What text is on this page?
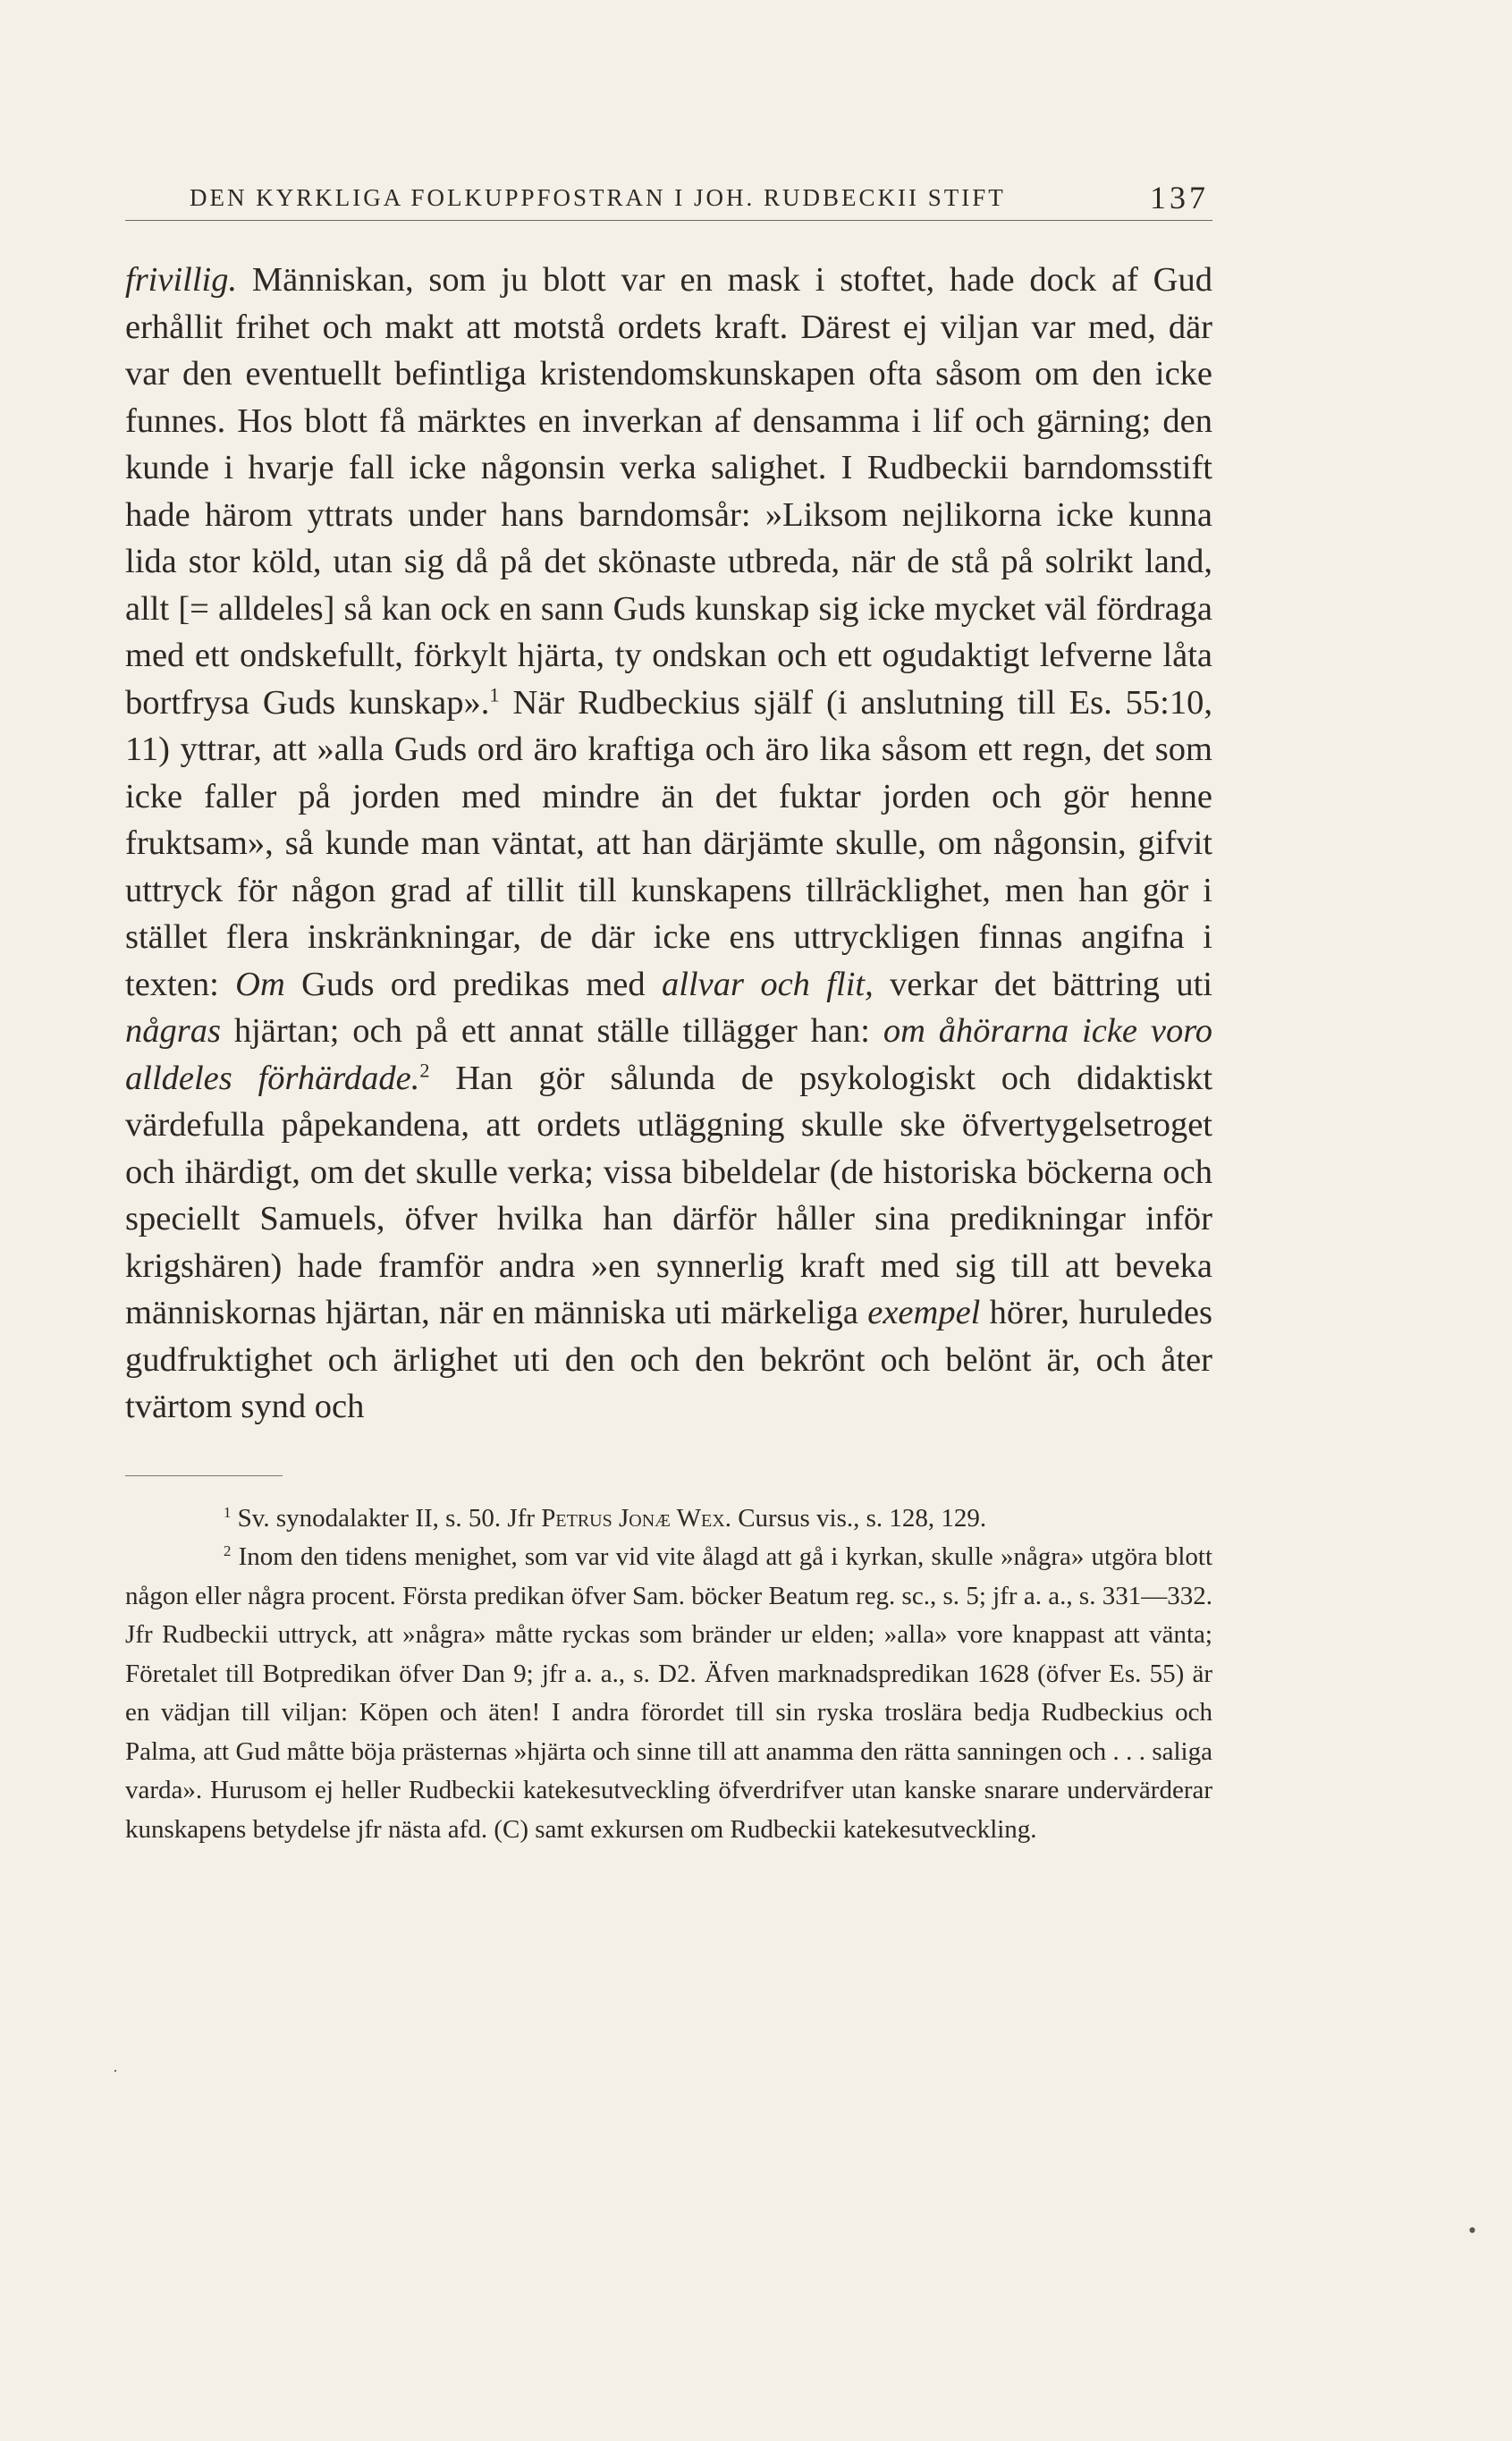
DEN KYRKLIGA FOLKUPPFOSTRAN I JOH. RUDBECKII STIFT	137

frivillig. Människan, som ju blott var en mask i stoftet, hade dock af Gud erhållit frihet och makt att motstå ordets kraft. Därest ej viljan var med, där var den eventuellt befintliga kristendomskunskapen ofta såsom om den icke funnes. Hos blott få märktes en inverkan af densamma i lif och gärning; den kunde i hvarje fall icke någonsin verka salighet. I Rudbeckii barndomsstift hade härom yttrats under hans barndomsår: »Liksom nejlikorna icke kunna lida stor köld, utan sig då på det skönaste utbreda, när de stå på solrikt land, allt [= alldeles] så kan ock en sann Guds kunskap sig icke mycket väl fördraga med ett ondskefullt, förkylt hjärta, ty ondskan och ett ogudaktigt lefverne låta bortfrysa Guds kunskap».$^1$ När Rudbeckius själf (i anslutning till Es. 55:10, 11) yttrar, att »alla Guds ord äro kraftiga och äro lika såsom ett regn, det som icke faller på jorden med mindre än det fuktar jorden och gör henne fruktsam», så kunde man väntat, att han därjämte skulle, om någonsin, gifvit uttryck för någon grad af tillit till kunskapens tillräcklighet, men han gör i stället flera inskränkningar, de där icke ens uttryckligen finnas angifna i texten: Om Guds ord predikas med allvar och flit, verkar det bättring uti någras hjärtan; och på ett annat ställe tillägger han: om åhörarna icke voro alldeles förhärdade.$^2$ Han gör sålunda de psykologiskt och didaktiskt värdefulla påpekandena, att ordets utläggning skulle ske öfvertygelsetroget och ihärdigt, om det skulle verka; vissa bibeldelar (de historiska böckerna och speciellt Samuels, öfver hvilka han därför håller sina predikningar inför krigshären) hade framför andra »en synnerlig kraft med sig till att beveka människornas hjärtan, när en människa uti märkeliga exempel hörer, huruledes gudfruktighet och ärlighet uti den och den bekrönt och belönt är, och åter tvärtom synd och

$^1$ Sv. synodalakter II, s. 50. Jfr Petrus Jonæ Wex. Cursus vis., s. 128, 129.

$^2$ Inom den tidens menighet, som var vid vite ålagd att gå i kyrkan, skulle »några» utgöra blott någon eller några procent. Första predikan öfver Sam. böcker Beatum reg. sc., s. 5; jfr a. a., s. 331—332. Jfr Rudbeckii uttryck, att »några» måtte ryckas som bränder ur elden; »alla» vore knappast att vänta; Företalet till Botpredikan öfver Dan 9; jfr a. a., s. D2. Äfven marknadspredikan 1628 (öfver Es. 55) är en vädjan till viljan: Köpen och äten! I andra förordet till sin ryska troslära bedja Rudbeckius och Palma, att Gud måtte böja prästernas »hjärta och sinne till att anamma den rätta sanningen och . . . saliga varda». Hurusom ej heller Rudbeckii katekesutveckling öfverdrifver utan kanske snarare undervärderar kunskapens betydelse jfr nästa afd. (C) samt exkursen om Rudbeckii katekesutveckling.

•
·
